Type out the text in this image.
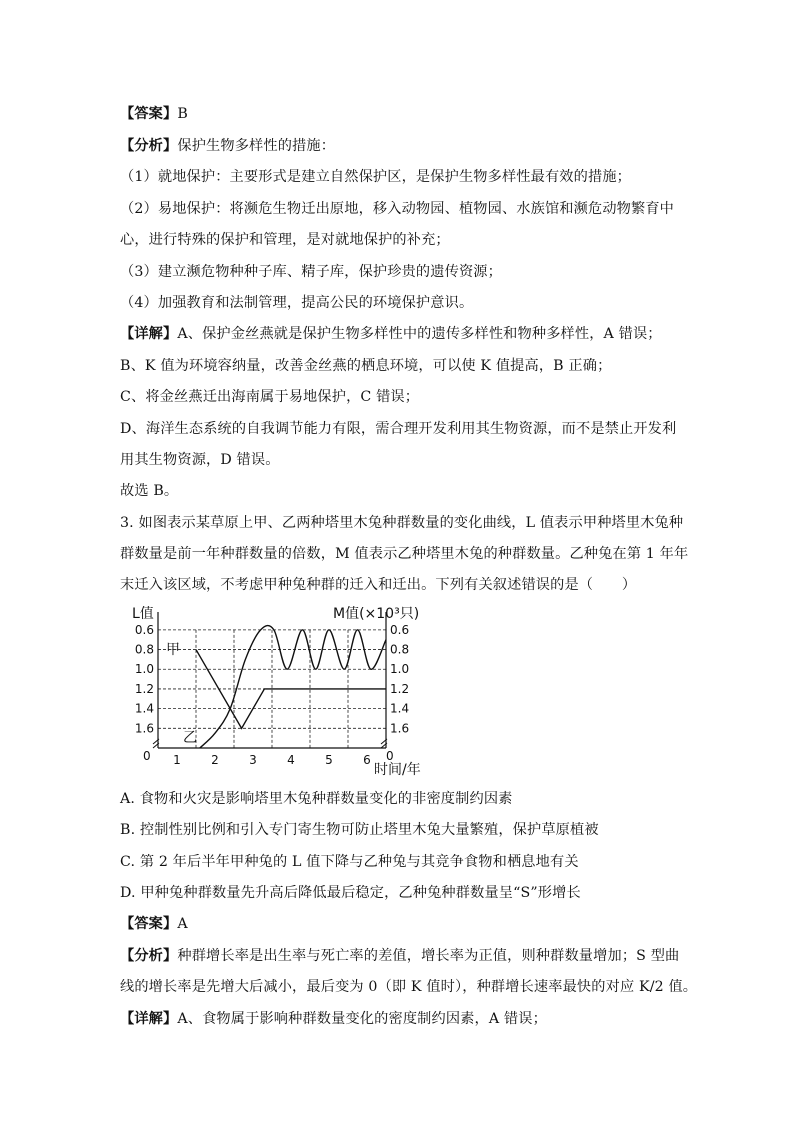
【答案】B
【分析】保护生物多样性的措施：
（1）就地保护：主要形式是建立自然保护区，是保护生物多样性最有效的措施；
（2）易地保护：将濒危生物迁出原地，移入动物园、植物园、水族馆和濒危动物繁育中
心，进行特殊的保护和管理，是对就地保护的补充；
（3）建立濒危物种种子库、精子库，保护珍贵的遗传资源；
（4）加强教育和法制管理，提高公民的环境保护意识。
【详解】A、保护金丝燕就是保护生物多样性中的遗传多样性和物种多样性，A 错误；
B、K 值为环境容纳量，改善金丝燕的栖息环境，可以使 K 值提高，B 正确；
C、将金丝燕迁出海南属于易地保护，C 错误；
D、海洋生态系统的自我调节能力有限，需合理开发利用其生物资源，而不是禁止开发利
用其生物资源，D 错误。
故选 B。
3. 如图表示某草原上甲、乙两种塔里木兔种群数量的变化曲线，L 值表示甲种塔里木兔种
群数量是前一年种群数量的倍数，M 值表示乙种塔里木兔的种群数量。乙种兔在第 1 年年
末迁入该区域，不考虑甲种兔种群的迁入和迁出。下列有关叙述错误的是（　　）
1.6	1.6
1.4	1.4
1.2	1.2
1.0	1.0
0.8	0.8
0.6	0.6
1	2	3	4	5	6
L值	M值(×10³只)
0	0
时间/年
甲
乙
A. 食物和火灾是影响塔里木兔种群数量变化的非密度制约因素
B. 控制性别比例和引入专门寄生物可防止塔里木兔大量繁殖，保护草原植被
C. 第 2 年后半年甲种兔的 L 值下降与乙种兔与其竞争食物和栖息地有关
D. 甲种兔种群数量先升高后降低最后稳定，乙种兔种群数量呈“S”形增长
【答案】A
【分析】种群增长率是出生率与死亡率的差值，增长率为正值，则种群数量增加；S 型曲
线的增长率是先增大后减小，最后变为 0（即 K 值时），种群增长速率最快的对应 K/2 值。
【详解】A、食物属于影响种群数量变化的密度制约因素，A 错误；
